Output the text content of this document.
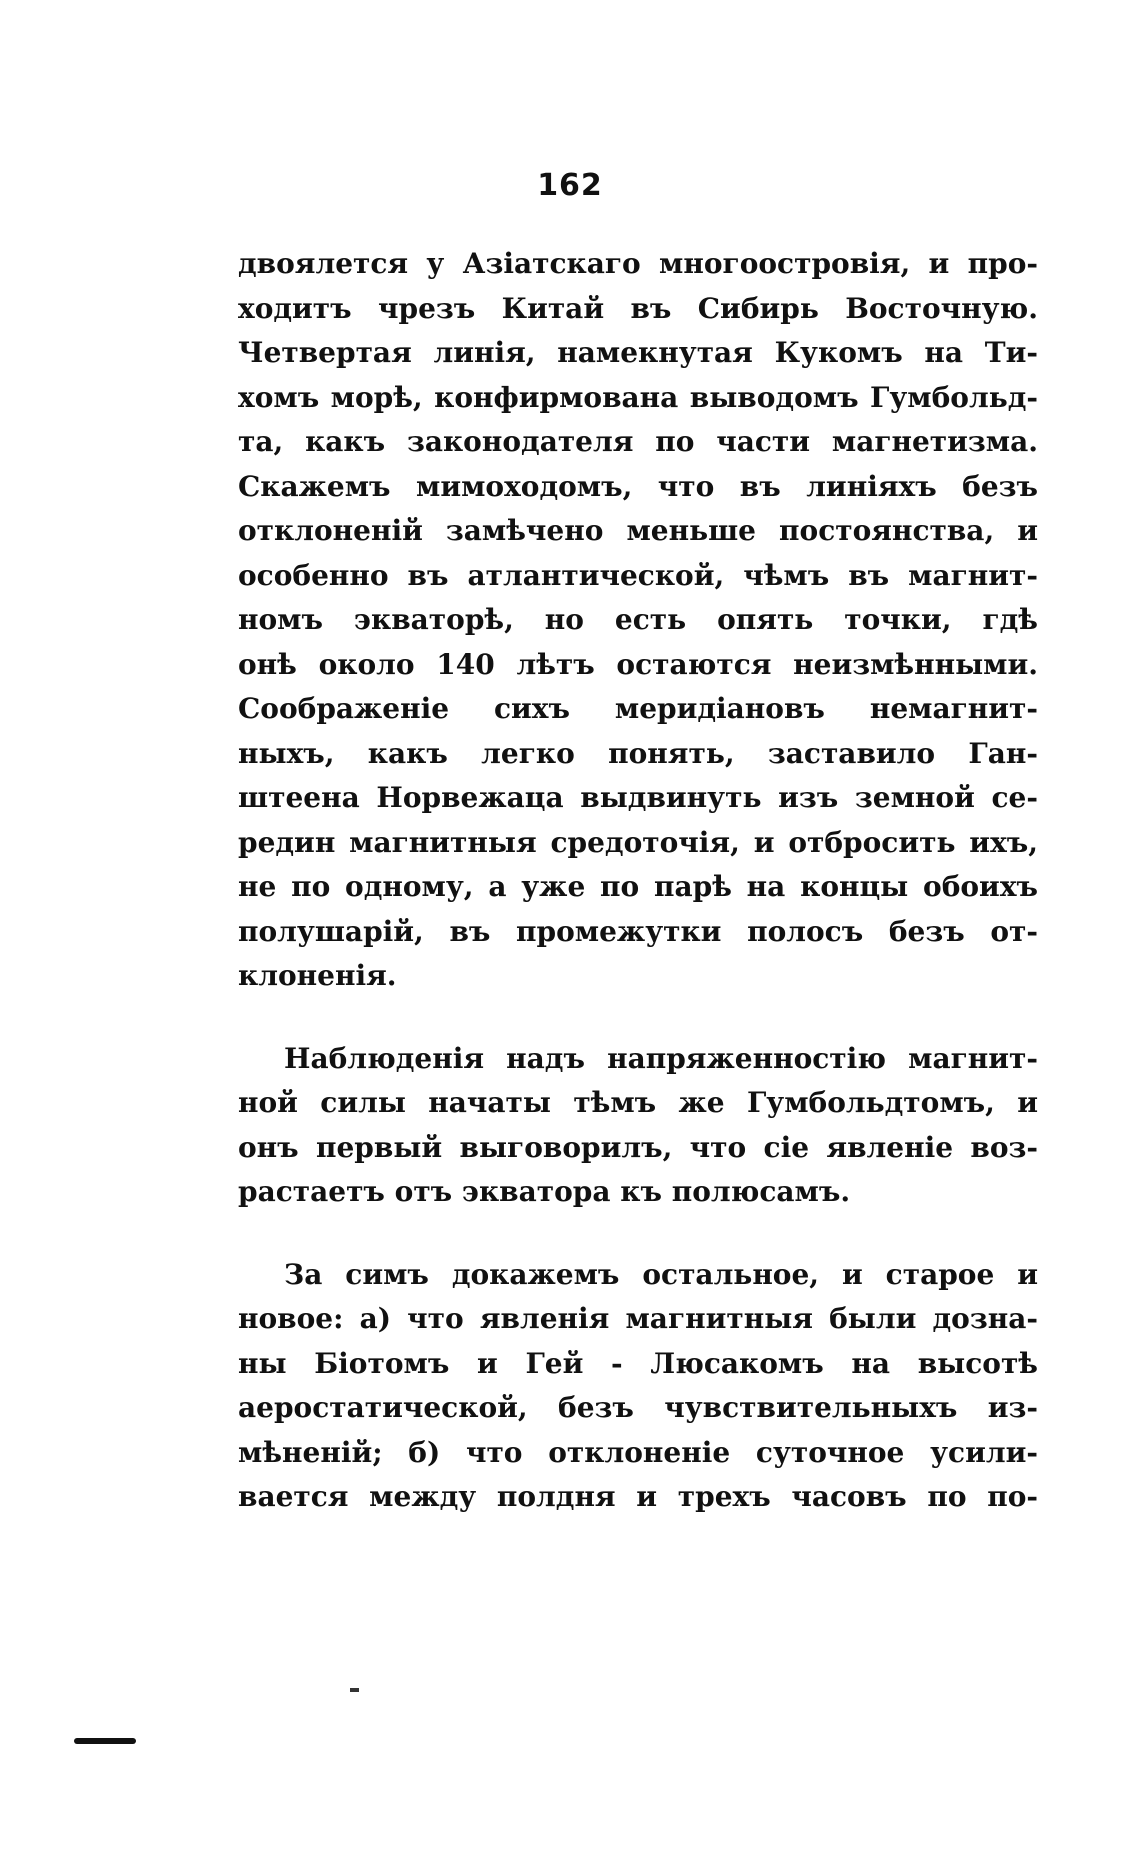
162
двоялется у Азіатскаго многоостровія, и про-
ходитъ чрезъ Китай въ Сибирь Восточную.
Четвертая линія, намекнутая Кукомъ на Ти-
хомъ морѣ, конфирмована выводомъ Гумбольд-
та, какъ законодателя по части магнетизма.
Скажемъ мимоходомъ, что въ линіяхъ безъ
отклоненій замѣчено меньше постоянства, и
особенно въ атлантической, чѣмъ въ магнит-
номъ экваторѣ, но есть опять точки, гдѣ
онѣ около 140 лѣтъ остаются неизмѣнными.
Соображеніе сихъ меридіановъ немагнит-
ныхъ, какъ легко понять, заставило Ган-
штеена Норвежаца выдвинуть изъ земной се-
редин магнитныя средоточія, и отбросить ихъ,
не по одному, а уже по парѣ на концы обоихъ
полушарій, въ промежутки полосъ безъ от-
клоненія.
Наблюденія надъ напряженностію магнит-
ной силы начаты тѣмъ же Гумбольдтомъ, и
онъ первый выговорилъ, что сіе явленіе воз-
растаетъ отъ экватора къ полюсамъ.
За симъ докажемъ остальное, и старое и
новое: а) что явленія магнитныя были дозна-
ны Біотомъ и Гей - Люсакомъ на высотѣ
аеростатической, безъ чувствительныхъ из-
мѣненій; б) что отклоненіе суточное усили-
вается между полдня и трехъ часовъ по по-
